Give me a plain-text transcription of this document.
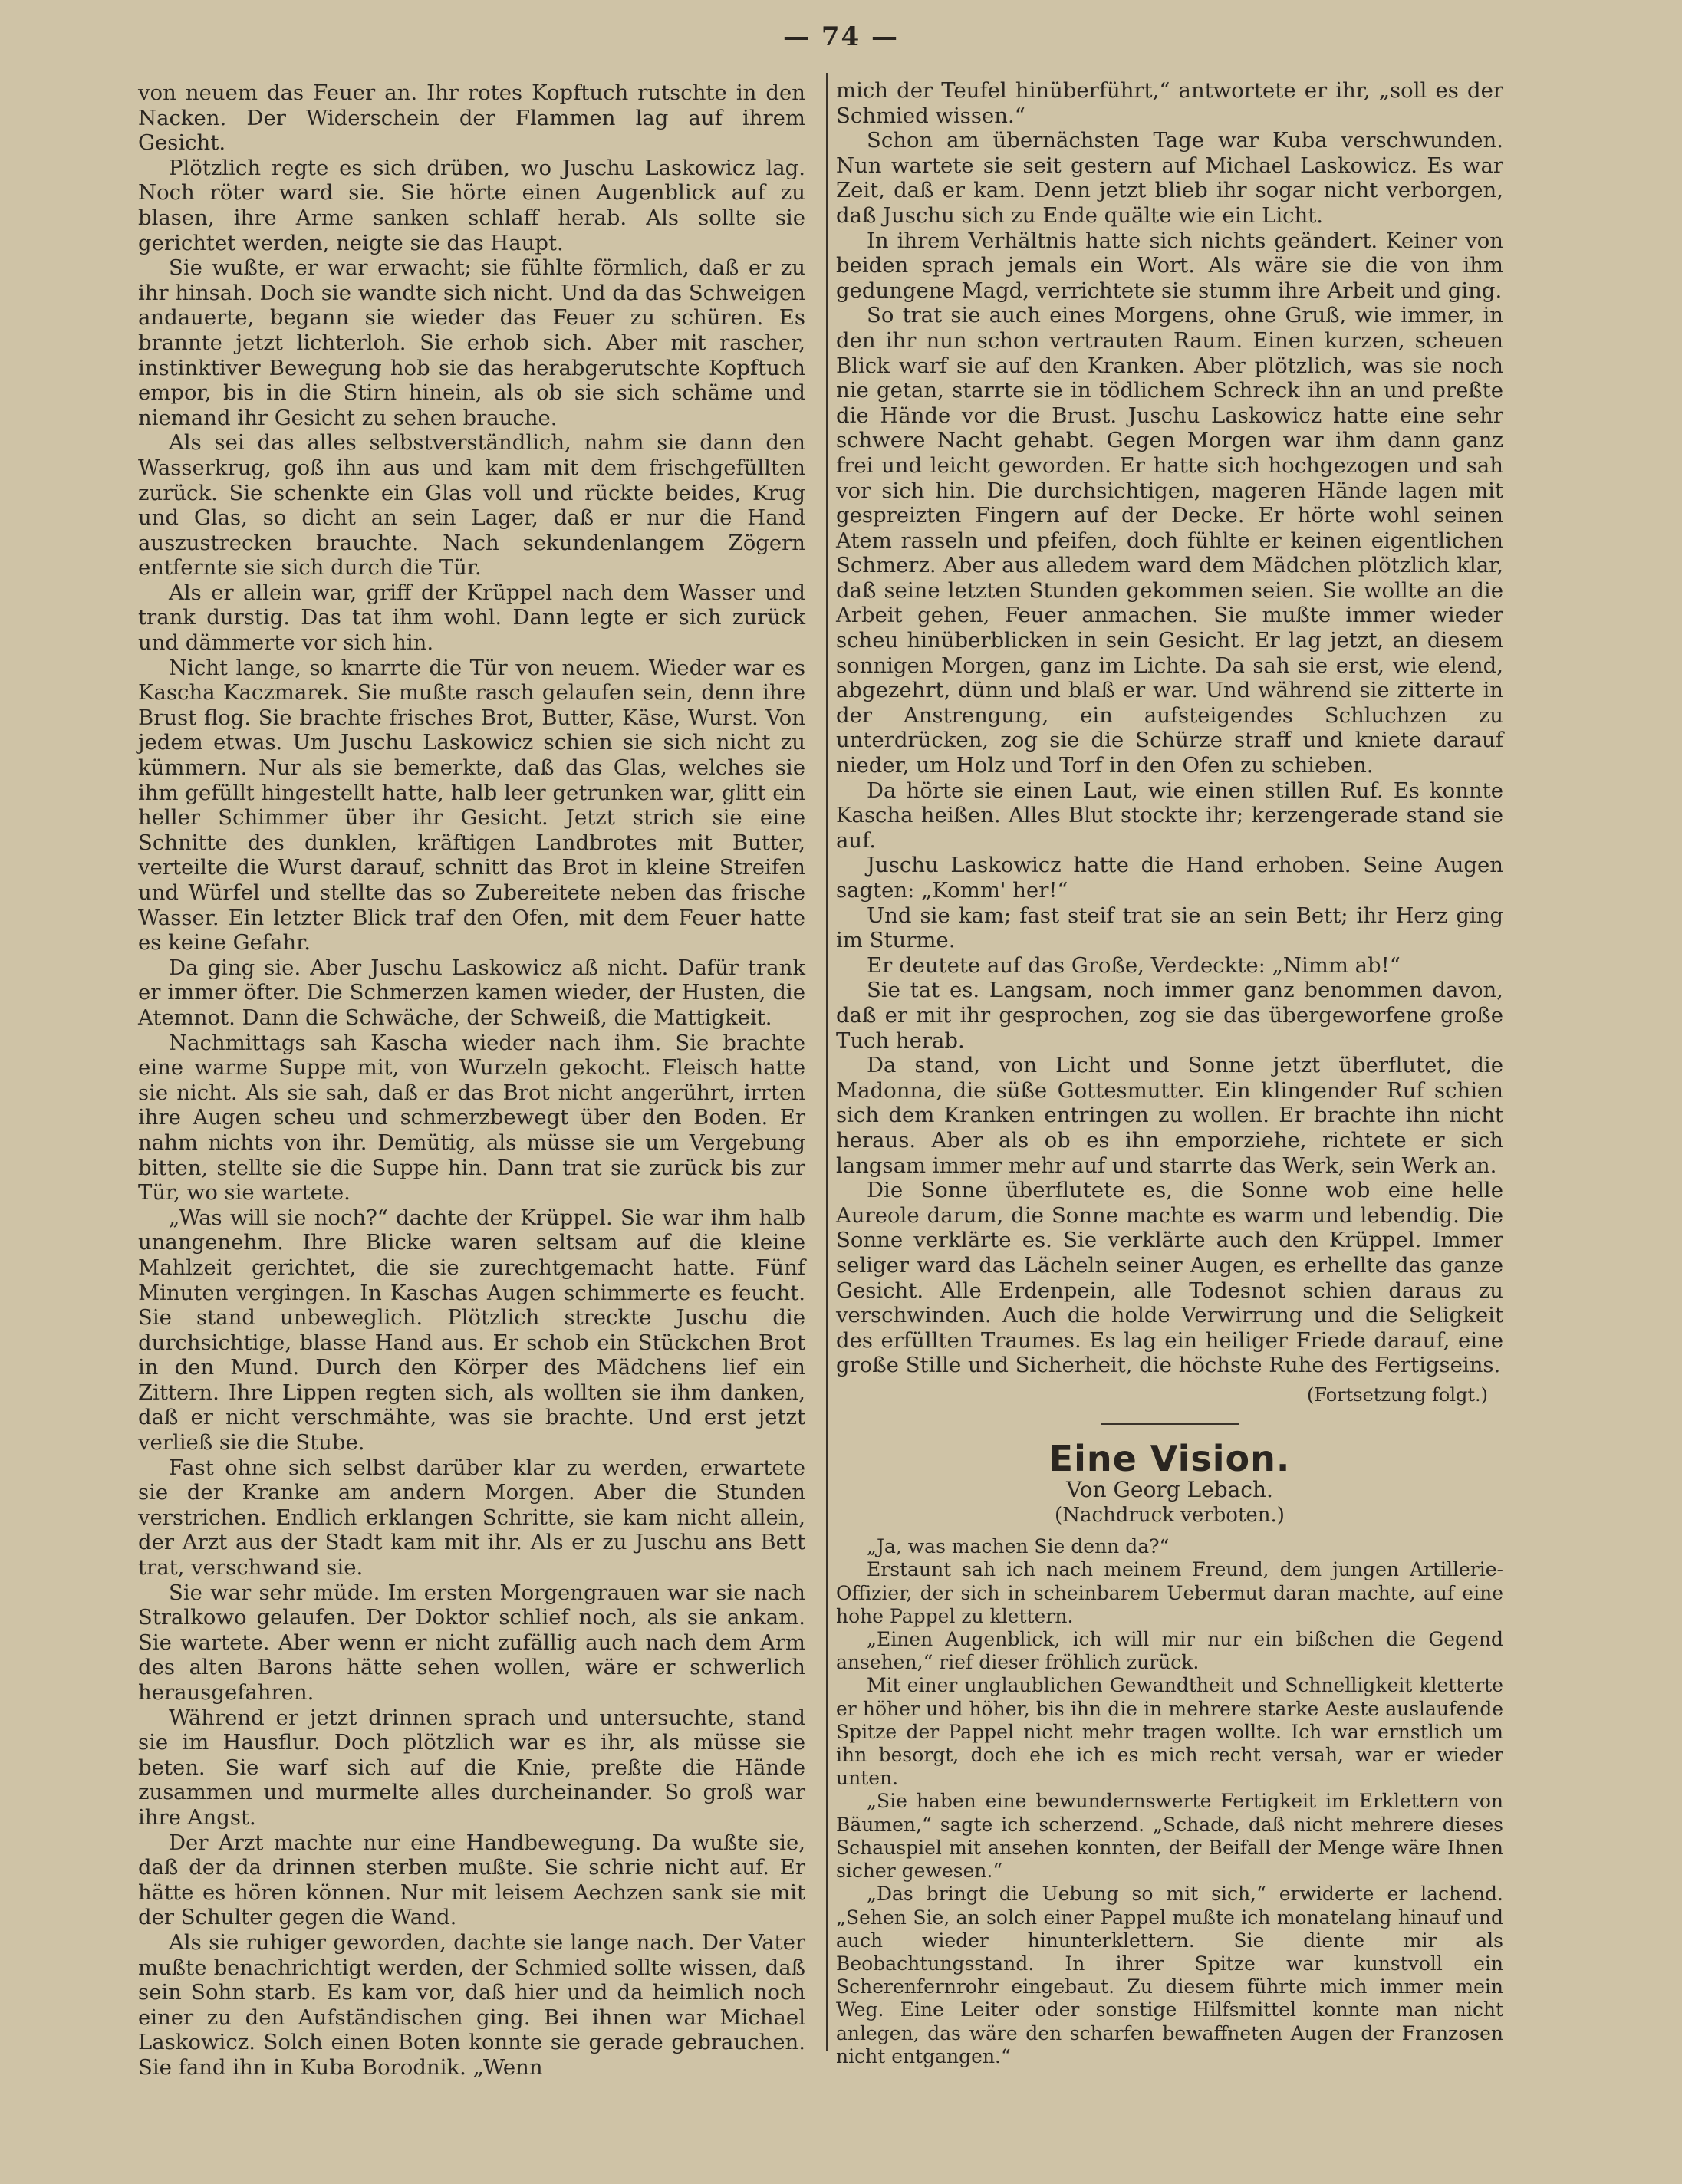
— 74 —

von neuem das Feuer an. Ihr rotes Kopftuch rutschte in den Nacken. Der Widerschein der Flammen lag auf ihrem Gesicht.

Plötzlich regte es sich drüben, wo Juschu Laskowicz lag. Noch röter ward sie. Sie hörte einen Augenblick auf zu blasen, ihre Arme sanken schlaff herab. Als sollte sie gerichtet werden, neigte sie das Haupt.

Sie wußte, er war erwacht; sie fühlte förmlich, daß er zu ihr hinsah. Doch sie wandte sich nicht. Und da das Schweigen andauerte, begann sie wieder das Feuer zu schüren. Es brannte jetzt lichterloh. Sie erhob sich. Aber mit rascher, instinktiver Bewegung hob sie das herabgerutschte Kopftuch empor, bis in die Stirn hinein, als ob sie sich schäme und niemand ihr Gesicht zu sehen brauche.

Als sei das alles selbstverständlich, nahm sie dann den Wasserkrug, goß ihn aus und kam mit dem frischgefüllten zurück. Sie schenkte ein Glas voll und rückte beides, Krug und Glas, so dicht an sein Lager, daß er nur die Hand auszustrecken brauchte. Nach sekundenlangem Zögern entfernte sie sich durch die Tür.

Als er allein war, griff der Krüppel nach dem Wasser und trank durstig. Das tat ihm wohl. Dann legte er sich zurück und dämmerte vor sich hin.

Nicht lange, so knarrte die Tür von neuem. Wieder war es Kascha Kaczmarek. Sie mußte rasch gelaufen sein, denn ihre Brust flog. Sie brachte frisches Brot, Butter, Käse, Wurst. Von jedem etwas. Um Juschu Laskowicz schien sie sich nicht zu kümmern. Nur als sie bemerkte, daß das Glas, welches sie ihm gefüllt hingestellt hatte, halb leer getrunken war, glitt ein heller Schimmer über ihr Gesicht. Jetzt strich sie eine Schnitte des dunklen, kräftigen Landbrotes mit Butter, verteilte die Wurst darauf, schnitt das Brot in kleine Streifen und Würfel und stellte das so Zubereitete neben das frische Wasser. Ein letzter Blick traf den Ofen, mit dem Feuer hatte es keine Gefahr.

Da ging sie. Aber Juschu Laskowicz aß nicht. Dafür trank er immer öfter. Die Schmerzen kamen wieder, der Husten, die Atemnot. Dann die Schwäche, der Schweiß, die Mattigkeit.

Nachmittags sah Kascha wieder nach ihm. Sie brachte eine warme Suppe mit, von Wurzeln gekocht. Fleisch hatte sie nicht. Als sie sah, daß er das Brot nicht angerührt, irrten ihre Augen scheu und schmerzbewegt über den Boden. Er nahm nichts von ihr. Demütig, als müsse sie um Vergebung bitten, stellte sie die Suppe hin. Dann trat sie zurück bis zur Tür, wo sie wartete.

„Was will sie noch?“ dachte der Krüppel. Sie war ihm halb unangenehm. Ihre Blicke waren seltsam auf die kleine Mahlzeit gerichtet, die sie zurechtgemacht hatte. Fünf Minuten vergingen. In Kaschas Augen schimmerte es feucht. Sie stand unbeweglich. Plötzlich streckte Juschu die durchsichtige, blasse Hand aus. Er schob ein Stückchen Brot in den Mund. Durch den Körper des Mädchens lief ein Zittern. Ihre Lippen regten sich, als wollten sie ihm danken, daß er nicht verschmähte, was sie brachte. Und erst jetzt verließ sie die Stube.

Fast ohne sich selbst darüber klar zu werden, erwartete sie der Kranke am andern Morgen. Aber die Stunden verstrichen. Endlich erklangen Schritte, sie kam nicht allein, der Arzt aus der Stadt kam mit ihr. Als er zu Juschu ans Bett trat, verschwand sie.

Sie war sehr müde. Im ersten Morgengrauen war sie nach Stralkowo gelaufen. Der Doktor schlief noch, als sie ankam. Sie wartete. Aber wenn er nicht zufällig auch nach dem Arm des alten Barons hätte sehen wollen, wäre er schwerlich herausgefahren.

Während er jetzt drinnen sprach und untersuchte, stand sie im Hausflur. Doch plötzlich war es ihr, als müsse sie beten. Sie warf sich auf die Knie, preßte die Hände zusammen und murmelte alles durcheinander. So groß war ihre Angst.

Der Arzt machte nur eine Handbewegung. Da wußte sie, daß der da drinnen sterben mußte. Sie schrie nicht auf. Er hätte es hören können. Nur mit leisem Aechzen sank sie mit der Schulter gegen die Wand.

Als sie ruhiger geworden, dachte sie lange nach. Der Vater mußte benachrichtigt werden, der Schmied sollte wissen, daß sein Sohn starb. Es kam vor, daß hier und da heimlich noch einer zu den Aufständischen ging. Bei ihnen war Michael Laskowicz. Solch einen Boten konnte sie gerade gebrauchen. Sie fand ihn in Kuba Borodnik. „Wenn

mich der Teufel hinüberführt,“ antwortete er ihr, „soll es der Schmied wissen.“

Schon am übernächsten Tage war Kuba verschwunden. Nun wartete sie seit gestern auf Michael Laskowicz. Es war Zeit, daß er kam. Denn jetzt blieb ihr sogar nicht verborgen, daß Juschu sich zu Ende quälte wie ein Licht.

In ihrem Verhältnis hatte sich nichts geändert. Keiner von beiden sprach jemals ein Wort. Als wäre sie die von ihm gedungene Magd, verrichtete sie stumm ihre Arbeit und ging.

So trat sie auch eines Morgens, ohne Gruß, wie immer, in den ihr nun schon vertrauten Raum. Einen kurzen, scheuen Blick warf sie auf den Kranken. Aber plötzlich, was sie noch nie getan, starrte sie in tödlichem Schreck ihn an und preßte die Hände vor die Brust. Juschu Laskowicz hatte eine sehr schwere Nacht gehabt. Gegen Morgen war ihm dann ganz frei und leicht geworden. Er hatte sich hochgezogen und sah vor sich hin. Die durchsichtigen, mageren Hände lagen mit gespreizten Fingern auf der Decke. Er hörte wohl seinen Atem rasseln und pfeifen, doch fühlte er keinen eigentlichen Schmerz. Aber aus alledem ward dem Mädchen plötzlich klar, daß seine letzten Stunden gekommen seien. Sie wollte an die Arbeit gehen, Feuer anmachen. Sie mußte immer wieder scheu hinüberblicken in sein Gesicht. Er lag jetzt, an diesem sonnigen Morgen, ganz im Lichte. Da sah sie erst, wie elend, abgezehrt, dünn und blaß er war. Und während sie zitterte in der Anstrengung, ein aufsteigendes Schluchzen zu unterdrücken, zog sie die Schürze straff und kniete darauf nieder, um Holz und Torf in den Ofen zu schieben.

Da hörte sie einen Laut, wie einen stillen Ruf. Es konnte Kascha heißen. Alles Blut stockte ihr; kerzengerade stand sie auf.

Juschu Laskowicz hatte die Hand erhoben. Seine Augen sagten: „Komm' her!“

Und sie kam; fast steif trat sie an sein Bett; ihr Herz ging im Sturme.

Er deutete auf das Große, Verdeckte: „Nimm ab!“

Sie tat es. Langsam, noch immer ganz benommen davon, daß er mit ihr gesprochen, zog sie das übergeworfene große Tuch herab.

Da stand, von Licht und Sonne jetzt überflutet, die Madonna, die süße Gottesmutter. Ein klingender Ruf schien sich dem Kranken entringen zu wollen. Er brachte ihn nicht heraus. Aber als ob es ihn emporziehe, richtete er sich langsam immer mehr auf und starrte das Werk, sein Werk an.

Die Sonne überflutete es, die Sonne wob eine helle Aureole darum, die Sonne machte es warm und lebendig. Die Sonne verklärte es. Sie verklärte auch den Krüppel. Immer seliger ward das Lächeln seiner Augen, es erhellte das ganze Gesicht. Alle Erdenpein, alle Todesnot schien daraus zu verschwinden. Auch die holde Verwirrung und die Seligkeit des erfüllten Traumes. Es lag ein heiliger Friede darauf, eine große Stille und Sicherheit, die höchste Ruhe des Fertigseins.

(Fortsetzung folgt.)
Eine Vision.
Von Georg Lebach.
(Nachdruck verboten.)

„Ja, was machen Sie denn da?“

Erstaunt sah ich nach meinem Freund, dem jungen Artillerie-Offizier, der sich in scheinbarem Uebermut daran machte, auf eine hohe Pappel zu klettern.

„Einen Augenblick, ich will mir nur ein bißchen die Gegend ansehen,“ rief dieser fröhlich zurück.

Mit einer unglaublichen Gewandtheit und Schnelligkeit kletterte er höher und höher, bis ihn die in mehrere starke Aeste auslaufende Spitze der Pappel nicht mehr tragen wollte. Ich war ernstlich um ihn besorgt, doch ehe ich es mich recht versah, war er wieder unten.

„Sie haben eine bewundernswerte Fertigkeit im Erklettern von Bäumen,“ sagte ich scherzend. „Schade, daß nicht mehrere dieses Schauspiel mit ansehen konnten, der Beifall der Menge wäre Ihnen sicher gewesen.“

„Das bringt die Uebung so mit sich,“ erwiderte er lachend. „Sehen Sie, an solch einer Pappel mußte ich monatelang hinauf und auch wieder hinunterklettern. Sie diente mir als Beobachtungsstand. In ihrer Spitze war kunstvoll ein Scherenfernrohr eingebaut. Zu diesem führte mich immer mein Weg. Eine Leiter oder sonstige Hilfsmittel konnte man nicht anlegen, das wäre den scharfen bewaffneten Augen der Franzosen nicht entgangen.“
